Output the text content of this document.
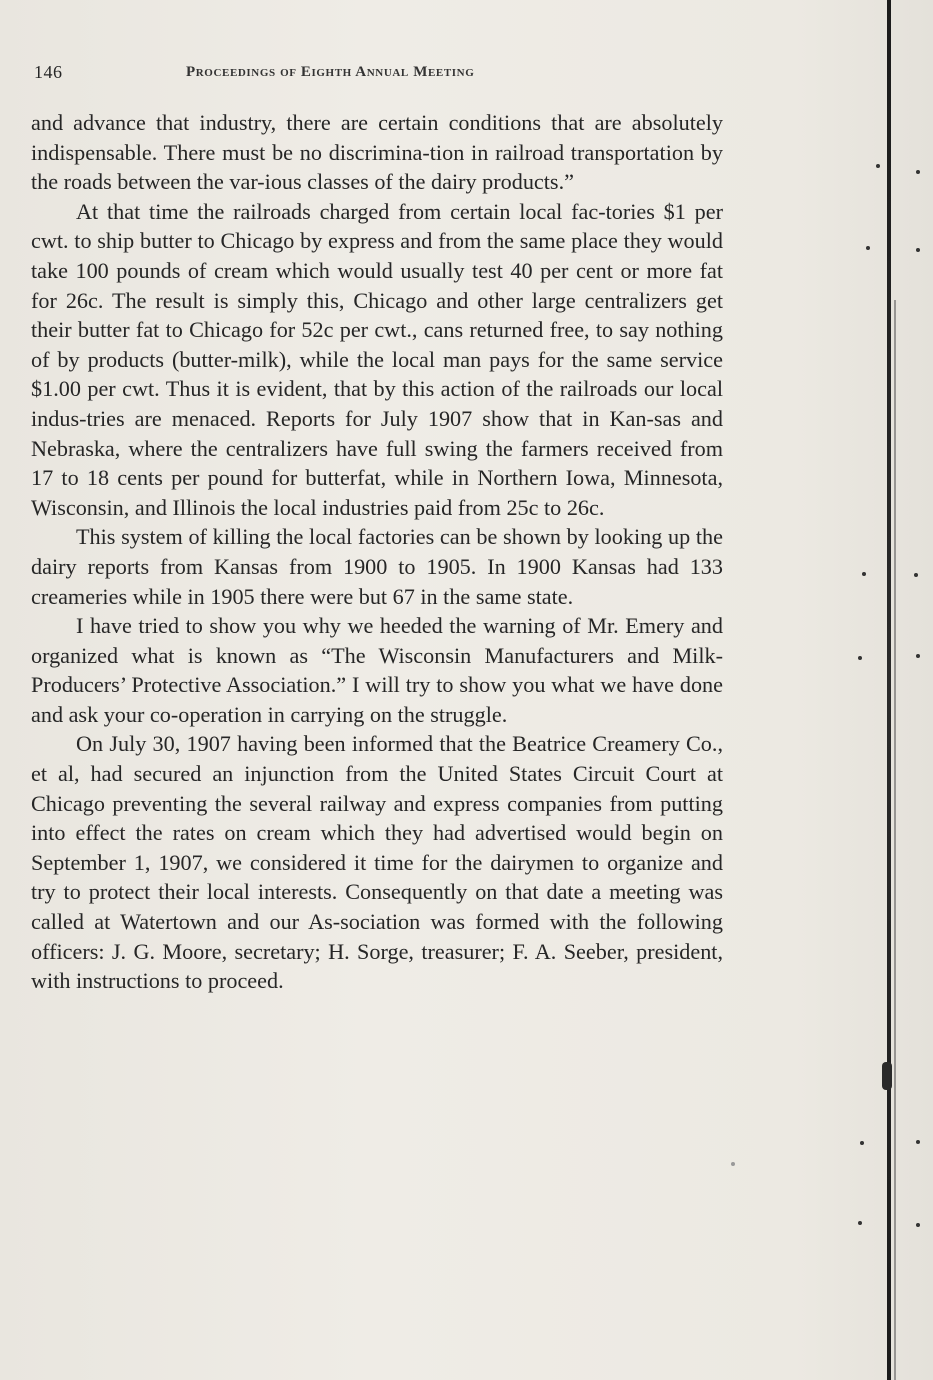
146	Proceedings of Eighth Annual Meeting

and advance that industry, there are certain conditions that are absolutely indispensable. There must be no discrimina-tion in railroad transportation by the roads between the var-ious classes of the dairy products.”

At that time the railroads charged from certain local fac-tories $1 per cwt. to ship butter to Chicago by express and from the same place they would take 100 pounds of cream which would usually test 40 per cent or more fat for 26c. The result is simply this, Chicago and other large centralizers get their butter fat to Chicago for 52c per cwt., cans returned free, to say nothing of by products (butter-milk), while the local man pays for the same service $1.00 per cwt. Thus it is evident, that by this action of the railroads our local indus-tries are menaced. Reports for July 1907 show that in Kan-sas and Nebraska, where the centralizers have full swing the farmers received from 17 to 18 cents per pound for butterfat, while in Northern Iowa, Minnesota, Wisconsin, and Illinois the local industries paid from 25c to 26c.

This system of killing the local factories can be shown by looking up the dairy reports from Kansas from 1900 to 1905. In 1900 Kansas had 133 creameries while in 1905 there were but 67 in the same state.

I have tried to show you why we heeded the warning of Mr. Emery and organized what is known as “The Wisconsin Manufacturers and Milk-Producers’ Protective Association.” I will try to show you what we have done and ask your co-operation in carrying on the struggle.

On July 30, 1907 having been informed that the Beatrice Creamery Co., et al, had secured an injunction from the United States Circuit Court at Chicago preventing the several railway and express companies from putting into effect the rates on cream which they had advertised would begin on September 1, 1907, we considered it time for the dairymen to organize and try to protect their local interests. Consequently on that date a meeting was called at Watertown and our As-sociation was formed with the following officers: J. G. Moore, secretary; H. Sorge, treasurer; F. A. Seeber, president, with instructions to proceed.
